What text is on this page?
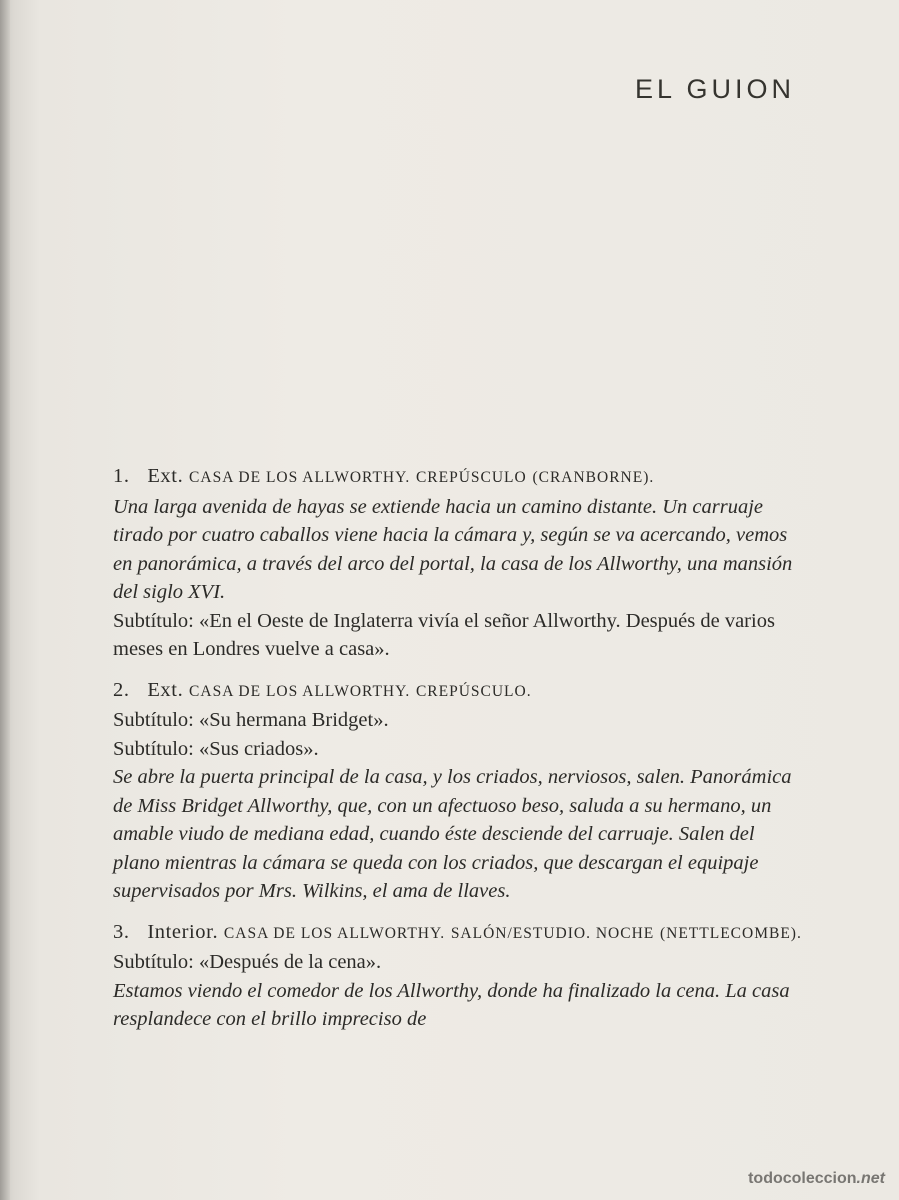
EL GUION
1. Ext. CASA DE LOS ALLWORTHY. CREPÚSCULO (CRANBORNE).

Una larga avenida de hayas se extiende hacia un camino distante. Un carruaje tirado por cuatro caballos viene hacia la cámara y, según se va acercando, vemos en panorámica, a través del arco del portal, la casa de los Allworthy, una mansión del siglo XVI.

Subtítulo: «En el Oeste de Inglaterra vivía el señor Allworthy. Después de varios meses en Londres vuelve a casa».

2. Ext. CASA DE LOS ALLWORTHY. CREPÚSCULO.

Subtítulo: «Su hermana Bridget».

Subtítulo: «Sus criados».

Se abre la puerta principal de la casa, y los criados, nerviosos, salen. Panorámica de Miss Bridget Allworthy, que, con un afectuoso beso, saluda a su hermano, un amable viudo de mediana edad, cuando éste desciende del carruaje. Salen del plano mientras la cámara se queda con los criados, que descargan el equipaje supervisados por Mrs. Wilkins, el ama de llaves.

3. Interior. CASA DE LOS ALLWORTHY. SALÓN/ESTUDIO. NOCHE (NETTLECOMBE).

Subtítulo: «Después de la cena».

Estamos viendo el comedor de los Allworthy, donde ha finalizado la cena. La casa resplandece con el brillo impreciso de

todocoleccion.net
